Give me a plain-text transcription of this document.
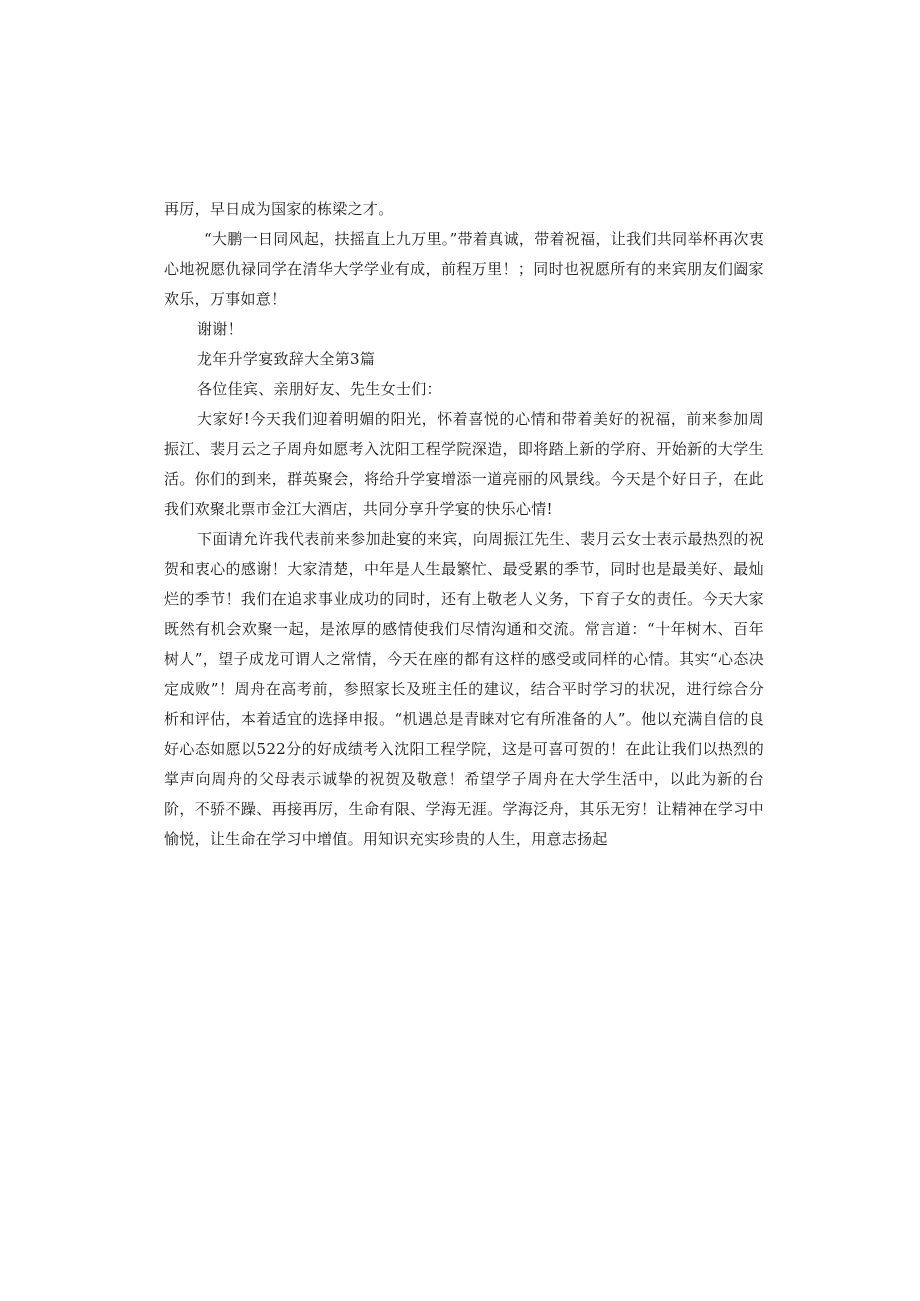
再厉，早日成为国家的栋梁之才。

“大鹏一日同风起，扶摇直上九万里。”带着真诚，带着祝福，让我们共同举杯再次衷心地祝愿仇禄同学在清华大学学业有成，前程万里！；同时也祝愿所有的来宾朋友们阖家欢乐，万事如意！

谢谢！

龙年升学宴致辞大全第3篇

各位佳宾、亲朋好友、先生女士们：

大家好!今天我们迎着明媚的阳光，怀着喜悦的心情和带着美好的祝福，前来参加周振江、裴月云之子周舟如愿考入沈阳工程学院深造，即将踏上新的学府、开始新的大学生活。你们的到来，群英聚会，将给升学宴增添一道亮丽的风景线。今天是个好日子，在此我们欢聚北票市金江大酒店，共同分享升学宴的快乐心情!

下面请允许我代表前来参加赴宴的来宾，向周振江先生、裴月云女士表示最热烈的祝贺和衷心的感谢！大家清楚，中年是人生最繁忙、最受累的季节，同时也是最美好、最灿烂的季节！我们在追求事业成功的同时，还有上敬老人义务，下育子女的责任。今天大家既然有机会欢聚一起，是浓厚的感情使我们尽情沟通和交流。常言道：“十年树木、百年树人”，望子成龙可谓人之常情，今天在座的都有这样的感受或同样的心情。其实“心态决定成败”！周舟在高考前，参照家长及班主任的建议，结合平时学习的状况，进行综合分析和评估，本着适宜的选择申报。“机遇总是青睐对它有所准备的人”。他以充满自信的良好心态如愿以522分的好成绩考入沈阳工程学院，这是可喜可贺的！在此让我们以热烈的掌声向周舟的父母表示诚挚的祝贺及敬意！希望学子周舟在大学生活中，以此为新的台阶，不骄不躁、再接再厉，生命有限、学海无涯。学海泛舟，其乐无穷！让精神在学习中愉悦，让生命在学习中增值。用知识充实珍贵的人生，用意志扬起
